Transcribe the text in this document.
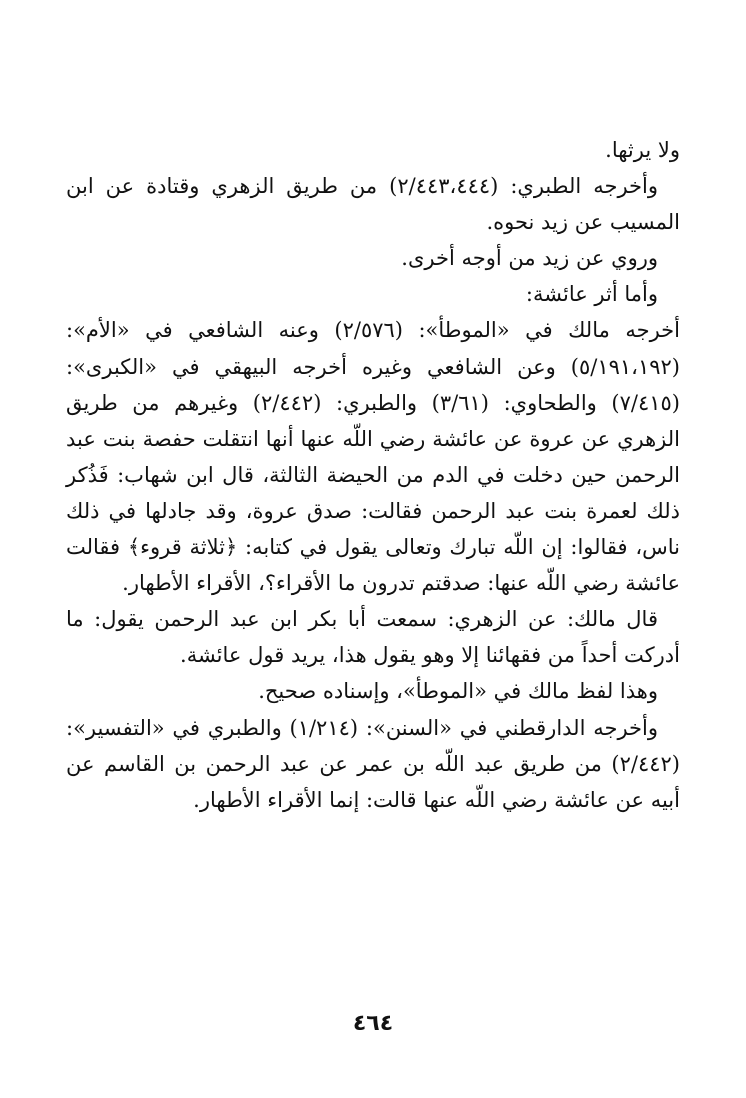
ولا يرثها.

وأخرجه الطبري: (٢/٤٤٣،٤٤٤) من طريق الزهري وقتادة عن ابن المسيب عن زيد نحوه.

وروي عن زيد من أوجه أخرى.

وأما أثر عائشة:

أخرجه مالك في «الموطأ»: (٢/٥٧٦) وعنه الشافعي في «الأم»: (٥/١٩١،١٩٢) وعن الشافعي وغيره أخرجه البيهقي في «الكبرى»: (٧/٤١٥) والطحاوي: (٣/٦١) والطبري: (٢/٤٤٢) وغيرهم من طريق الزهري عن عروة عن عائشة رضي اللّه عنها أنها انتقلت حفصة بنت عبد الرحمن حين دخلت في الدم من الحيضة الثالثة، قال ابن شهاب: فَذُكر ذلك لعمرة بنت عبد الرحمن فقالت: صدق عروة، وقد جادلها في ذلك ناس، فقالوا: إن اللّه تبارك وتعالى يقول في كتابه: ﴿ثلاثة قروء﴾ فقالت عائشة رضي اللّه عنها: صدقتم تدرون ما الأقراء؟، الأقراء الأطهار.

قال مالك: عن الزهري: سمعت أبا بكر ابن عبد الرحمن يقول: ما أدركت أحداً من فقهائنا إلا وهو يقول هذا، يريد قول عائشة.

وهذا لفظ مالك في «الموطأ»، وإسناده صحيح.

وأخرجه الدارقطني في «السنن»: (١/٢١٤) والطبري في «التفسير»: (٢/٤٤٢) من طريق عبد اللّه بن عمر عن عبد الرحمن بن القاسم عن أبيه عن عائشة رضي اللّه عنها قالت: إنما الأقراء الأطهار.

٤٦٤
